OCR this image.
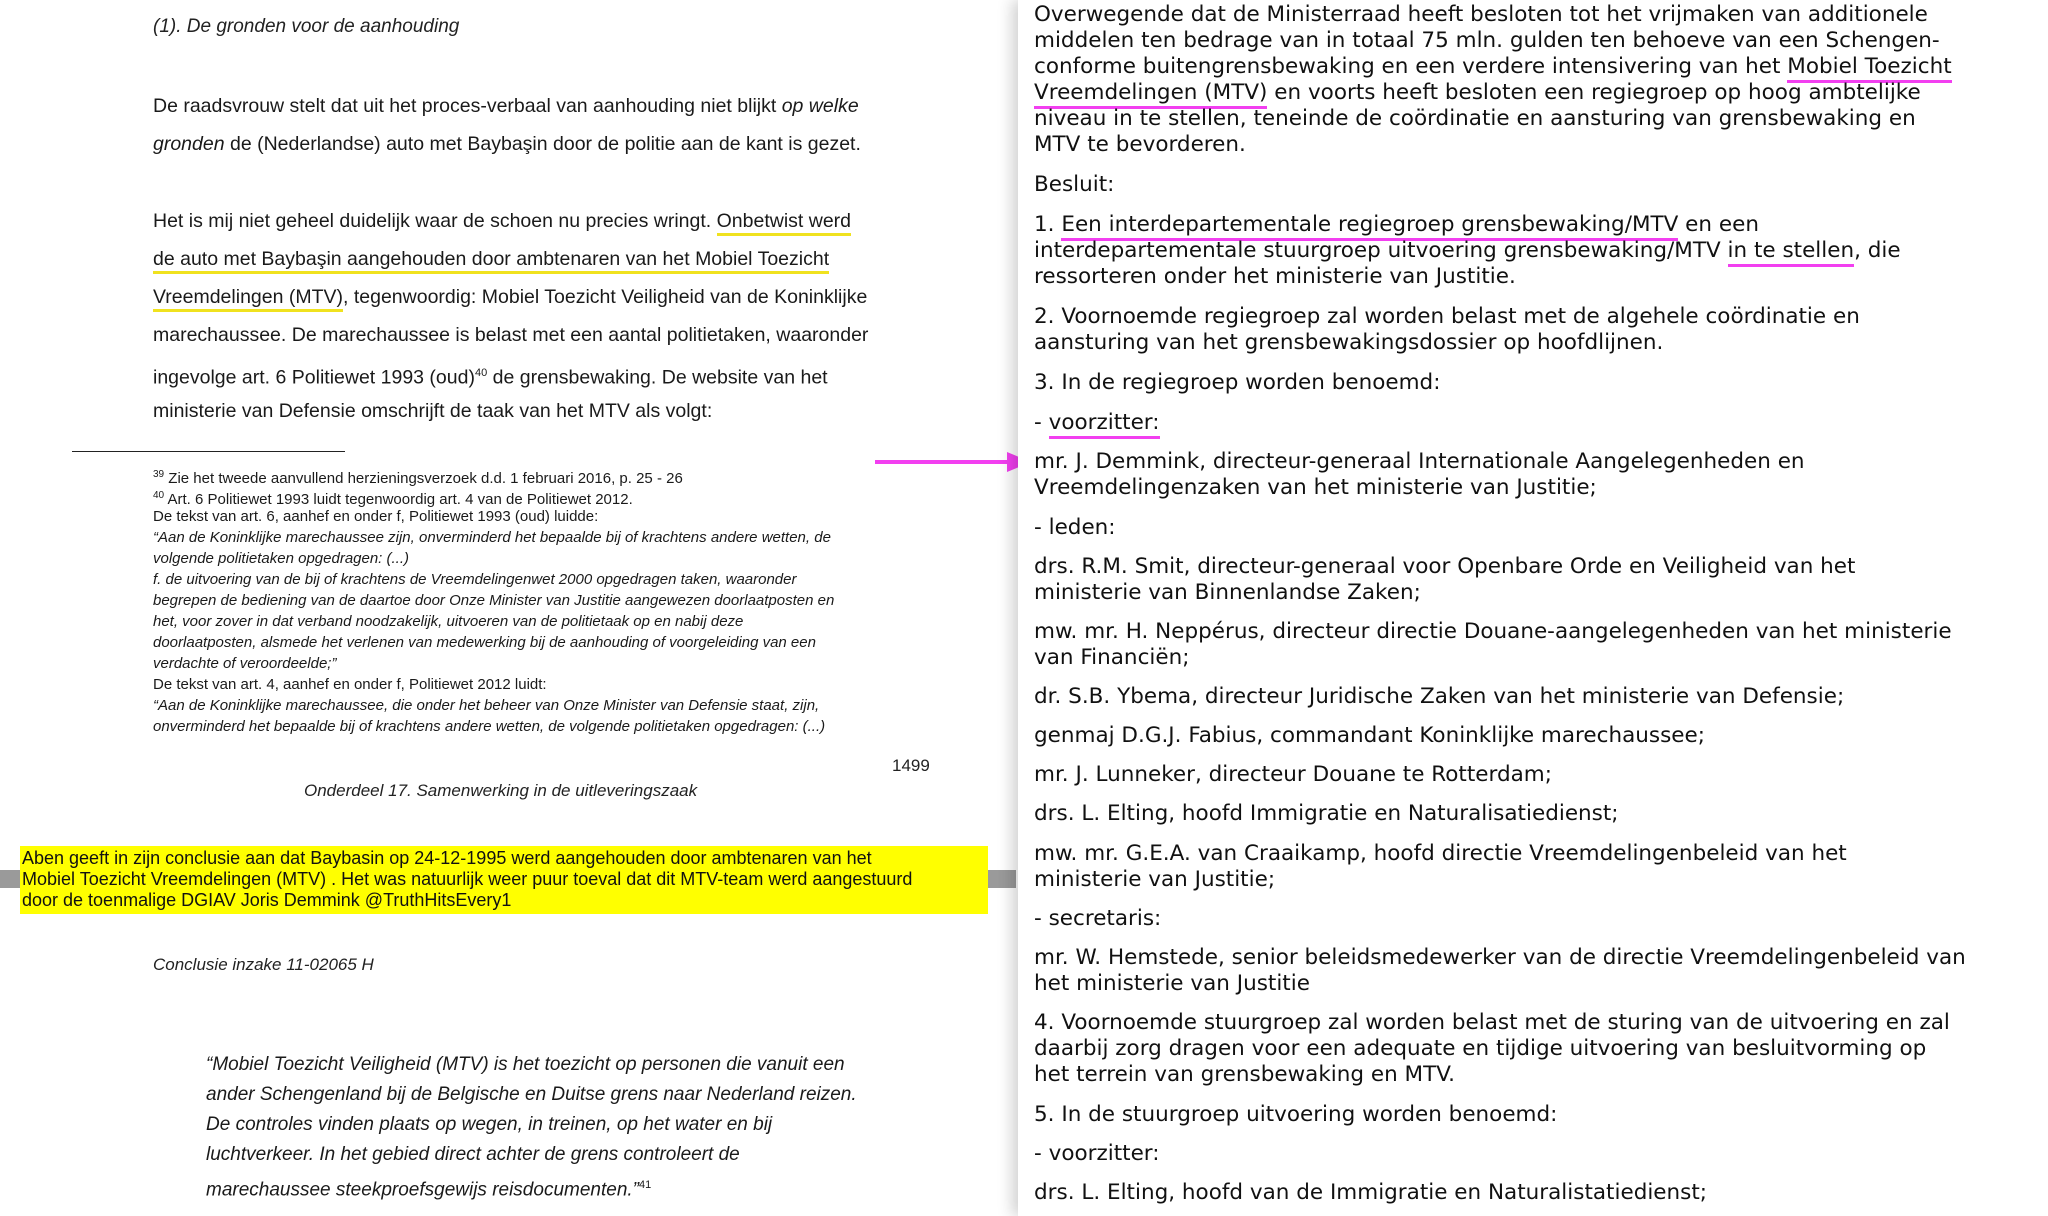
(1). De gronden voor de aanhouding
De raadsvrouw stelt dat uit het proces-verbaal van aanhouding niet blijkt op welke
gronden de (Nederlandse) auto met Baybaşin door de politie aan de kant is gezet.
Het is mij niet geheel duidelijk waar de schoen nu precies wringt. Onbetwist werd
de auto met Baybaşin aangehouden door ambtenaren van het Mobiel Toezicht
Vreemdelingen (MTV), tegenwoordig: Mobiel Toezicht Veiligheid van de Koninklijke
marechaussee. De marechaussee is belast met een aantal politietaken, waaronder
ingevolge art. 6 Politiewet 1993 (oud)$^{40}$ de grensbewaking. De website van het
ministerie van Defensie omschrijft de taak van het MTV als volgt:
$^{39}$ Zie het tweede aanvullend herzieningsverzoek d.d. 1 februari 2016, p. 25 - 26
$^{40}$ Art. 6 Politiewet 1993 luidt tegenwoordig art. 4 van de Politiewet 2012.
De tekst van art. 6, aanhef en onder f, Politiewet 1993 (oud) luidde:
“Aan de Koninklijke marechaussee zijn, onverminderd het bepaalde bij of krachtens andere wetten, de
volgende politietaken opgedragen: (...)
f. de uitvoering van de bij of krachtens de Vreemdelingenwet 2000 opgedragen taken, waaronder
begrepen de bediening van de daartoe door Onze Minister van Justitie aangewezen doorlaatposten en
het, voor zover in dat verband noodzakelijk, uitvoeren van de politietaak op en nabij deze
doorlaatposten, alsmede het verlenen van medewerking bij de aanhouding of voorgeleiding van een
verdachte of veroordeelde;”
De tekst van art. 4, aanhef en onder f, Politiewet 2012 luidt:
“Aan de Koninklijke marechaussee, die onder het beheer van Onze Minister van Defensie staat, zijn,
onverminderd het bepaalde bij of krachtens andere wetten, de volgende politietaken opgedragen: (...)
1499
Onderdeel 17. Samenwerking in de uitleveringszaak
Aben geeft in zijn conclusie aan dat Baybasin op 24-12-1995 werd aangehouden door ambtenaren van het
Mobiel Toezicht Vreemdelingen (MTV) . Het was natuurlijk weer puur toeval dat dit MTV-team werd aangestuurd
door de toenmalige DGIAV Joris Demmink @TruthHitsEvery1
Conclusie inzake 11-02065 H
“Mobiel Toezicht Veiligheid (MTV) is het toezicht op personen die vanuit een
ander Schengenland bij de Belgische en Duitse grens naar Nederland reizen.
De controles vinden plaats op wegen, in treinen, op het water en bij
luchtverkeer. In het gebied direct achter de grens controleert de
marechaussee steekproefsgewijs reisdocumenten.”$^{41}$
Overwegende dat de Ministerraad heeft besloten tot het vrijmaken van additionele
middelen ten bedrage van in totaal 75 mln. gulden ten behoeve van een Schengen-
conforme buitengrensbewaking en een verdere intensivering van het Mobiel Toezicht
Vreemdelingen (MTV) en voorts heeft besloten een regiegroep op hoog ambtelijke
niveau in te stellen, teneinde de coördinatie en aansturing van grensbewaking en
MTV te bevorderen.
Besluit:
1. Een interdepartementale regiegroep grensbewaking/MTV en een
interdepartementale stuurgroep uitvoering grensbewaking/MTV in te stellen, die
ressorteren onder het ministerie van Justitie.
2. Voornoemde regiegroep zal worden belast met de algehele coördinatie en
aansturing van het grensbewakingsdossier op hoofdlijnen.
3. In de regiegroep worden benoemd:
- voorzitter:
mr. J. Demmink, directeur-generaal Internationale Aangelegenheden en
Vreemdelingenzaken van het ministerie van Justitie;
- leden:
drs. R.M. Smit, directeur-generaal voor Openbare Orde en Veiligheid van het
ministerie van Binnenlandse Zaken;
mw. mr. H. Neppérus, directeur directie Douane-aangelegenheden van het ministerie
van Financiën;
dr. S.B. Ybema, directeur Juridische Zaken van het ministerie van Defensie;
genmaj D.G.J. Fabius, commandant Koninklijke marechaussee;
mr. J. Lunneker, directeur Douane te Rotterdam;
drs. L. Elting, hoofd Immigratie en Naturalisatiedienst;
mw. mr. G.E.A. van Craaikamp, hoofd directie Vreemdelingenbeleid van het
ministerie van Justitie;
- secretaris:
mr. W. Hemstede, senior beleidsmedewerker van de directie Vreemdelingenbeleid van
het ministerie van Justitie
4. Voornoemde stuurgroep zal worden belast met de sturing van de uitvoering en zal
daarbij zorg dragen voor een adequate en tijdige uitvoering van besluitvorming op
het terrein van grensbewaking en MTV.
5. In de stuurgroep uitvoering worden benoemd:
- voorzitter:
drs. L. Elting, hoofd van de Immigratie en Naturalistatiedienst;
